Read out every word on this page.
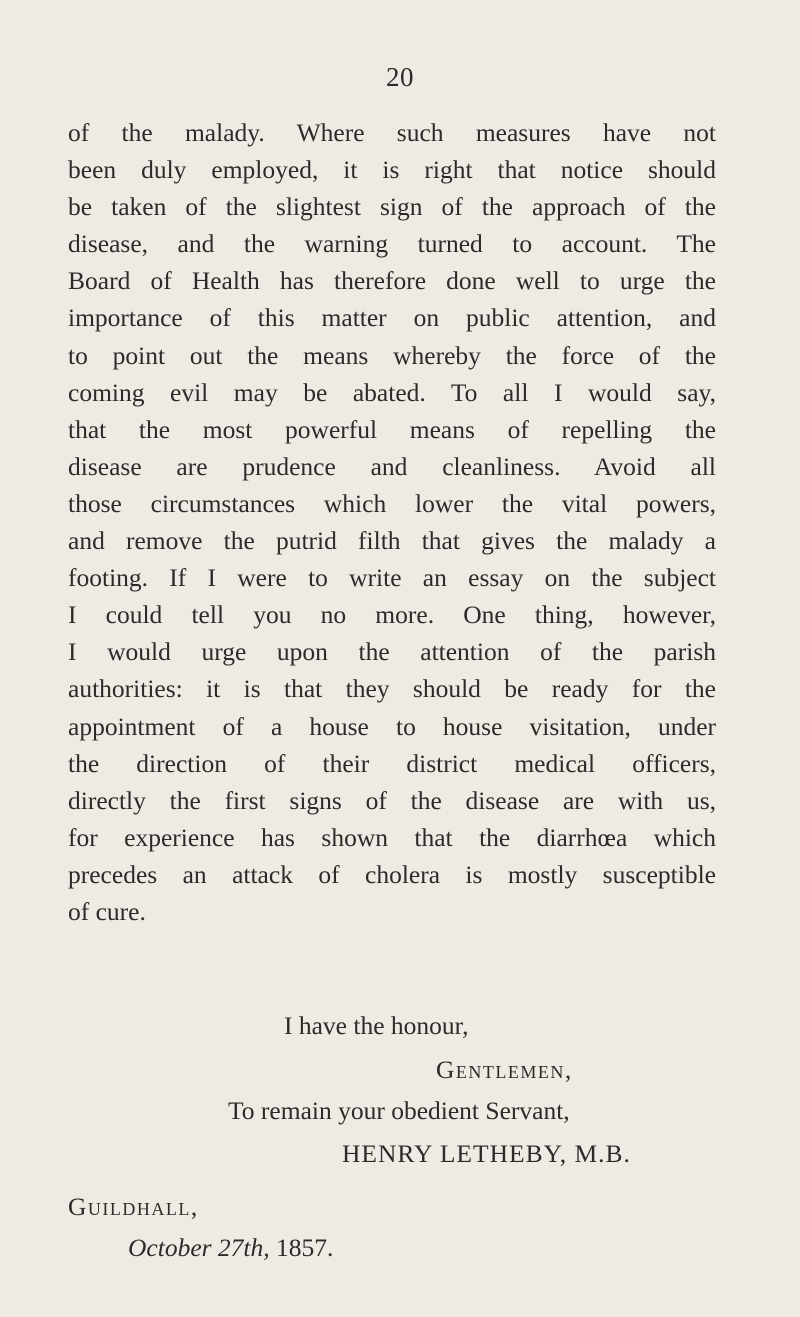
20
of the malady. Where such measures have not
been duly employed, it is right that notice should
be taken of the slightest sign of the approach of the
disease, and the warning turned to account. The
Board of Health has therefore done well to urge the
importance of this matter on public attention, and
to point out the means whereby the force of the
coming evil may be abated. To all I would say,
that the most powerful means of repelling the
disease are prudence and cleanliness. Avoid all
those circumstances which lower the vital powers,
and remove the putrid filth that gives the malady a
footing. If I were to write an essay on the subject
I could tell you no more. One thing, however,
I would urge upon the attention of the parish
authorities: it is that they should be ready for the
appointment of a house to house visitation, under
the direction of their district medical officers,
directly the first signs of the disease are with us,
for experience has shown that the diarrhœa which
precedes an attack of cholera is mostly susceptible
of cure.
I have the honour,
Gentlemen,
To remain your obedient Servant,
HENRY LETHEBY, M.B.
Guildhall,
October 27th, 1857.
